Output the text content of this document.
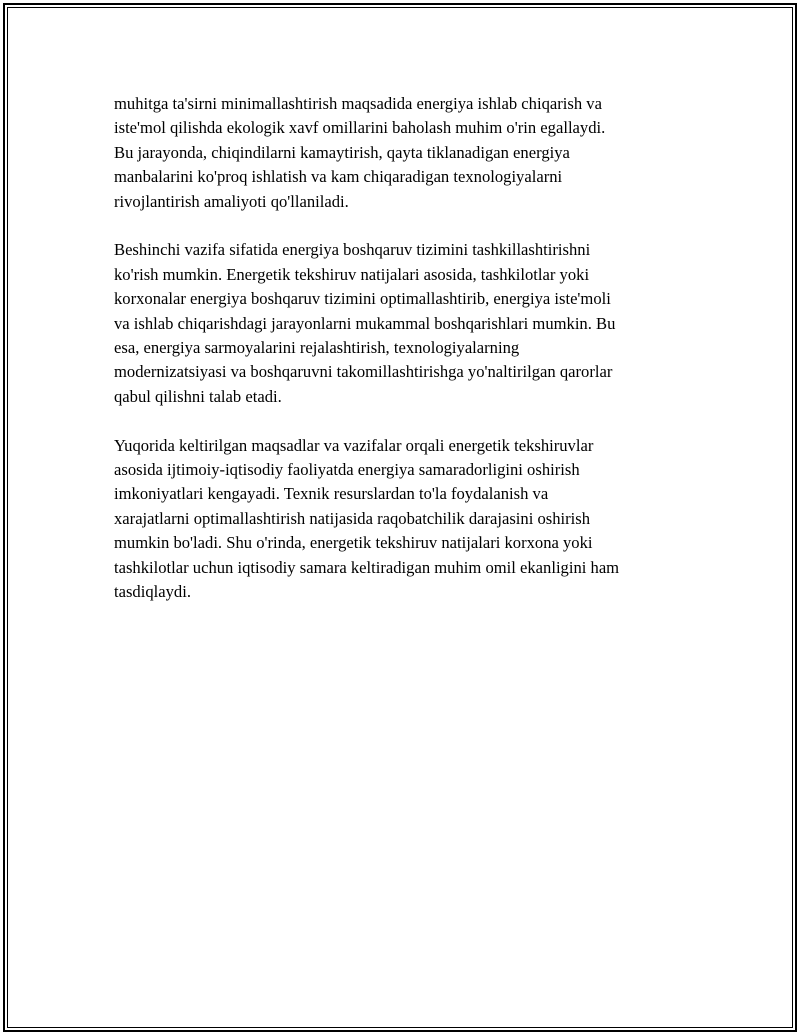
muhitga ta'sirni minimallashtirish maqsadida energiya ishlab chiqarish va
iste'mol qilishda ekologik xavf omillarini baholash muhim o'rin egallaydi.
Bu jarayonda, chiqindilarni kamaytirish, qayta tiklanadigan energiya
manbalarini ko'proq ishlatish va kam chiqaradigan texnologiyalarni
rivojlantirish amaliyoti qo'llaniladi.

Beshinchi vazifa sifatida energiya boshqaruv tizimini tashkillashtirishni
ko'rish mumkin. Energetik tekshiruv natijalari asosida, tashkilotlar yoki
korxonalar energiya boshqaruv tizimini optimallashtirib, energiya iste'moli
va ishlab chiqarishdagi jarayonlarni mukammal boshqarishlari mumkin. Bu
esa, energiya sarmoyalarini rejalashtirish, texnologiyalarning
modernizatsiyasi va boshqaruvni takomillashtirishga yo'naltirilgan qarorlar
qabul qilishni talab etadi.

Yuqorida keltirilgan maqsadlar va vazifalar orqali energetik tekshiruvlar
asosida ijtimoiy-iqtisodiy faoliyatda energiya samaradorligini oshirish
imkoniyatlari kengayadi. Texnik resurslardan to'la foydalanish va
xarajatlarni optimallashtirish natijasida raqobatchilik darajasini oshirish
mumkin bo'ladi. Shu o'rinda, energetik tekshiruv natijalari korxona yoki
tashkilotlar uchun iqtisodiy samara keltiradigan muhim omil ekanligini ham
tasdiqlaydi.
